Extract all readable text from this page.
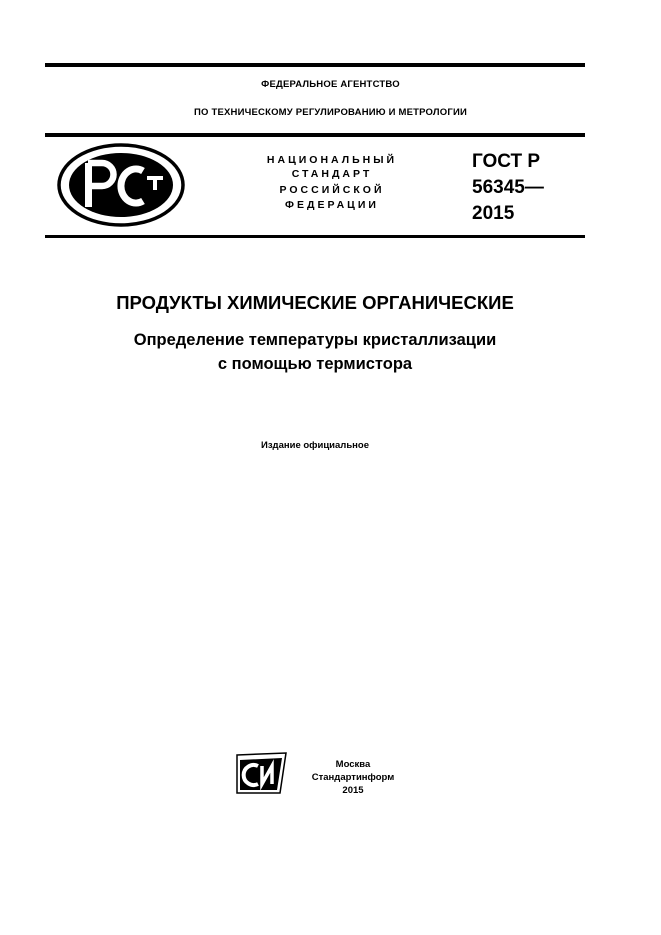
ФЕДЕРАЛЬНОЕ АГЕНТСТВО
ПО ТЕХНИЧЕСКОМУ РЕГУЛИРОВАНИЮ И МЕТРОЛОГИИ
НАЦИОНАЛЬНЫЙ
СТАНДАРТ
РОССИЙСКОЙ
ФЕДЕРАЦИИ
ГОСТ Р
56345—
2015
ПРОДУКТЫ ХИМИЧЕСКИЕ ОРГАНИЧЕСКИЕ
Определение температуры кристаллизации
с помощью термистора
Издание официальное
Москва
Стандартинформ
2015
